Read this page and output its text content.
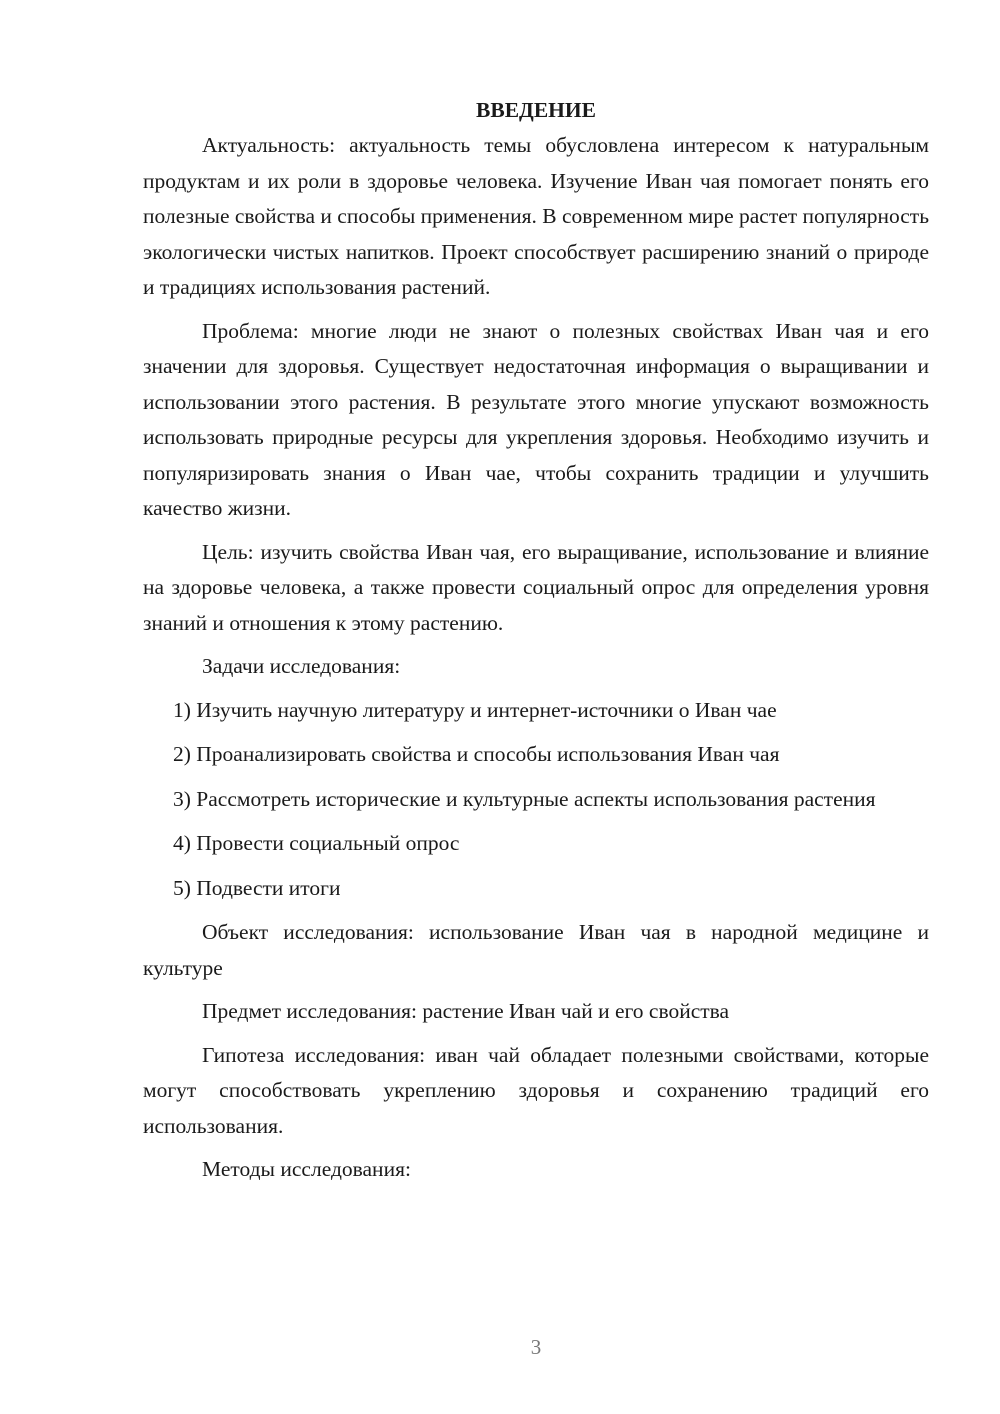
ВВЕДЕНИЕ

Актуальность: актуальность темы обусловлена интересом к натуральным продуктам и их роли в здоровье человека. Изучение Иван чая помогает понять его полезные свойства и способы применения. В современном мире растет популярность экологически чистых напитков. Проект способствует расширению знаний о природе и традициях использования растений.

Проблема: многие люди не знают о полезных свойствах Иван чая и его значении для здоровья. Существует недостаточная информация о выращивании и использовании этого растения. В результате этого многие упускают возможность использовать природные ресурсы для укрепления здоровья. Необходимо изучить и популяризировать знания о Иван чае, чтобы сохранить традиции и улучшить качество жизни.

Цель: изучить свойства Иван чая, его выращивание, использование и влияние на здоровье человека, а также провести социальный опрос для определения уровня знаний и отношения к этому растению.

Задачи исследования:

1) Изучить научную литературу и интернет-источники о Иван чае

2) Проанализировать свойства и способы использования Иван чая

3) Рассмотреть исторические и культурные аспекты использования растения

4) Провести социальный опрос

5) Подвести итоги

Объект исследования: использование Иван чая в народной медицине и культуре

Предмет исследования: растение Иван чай и его свойства

Гипотеза исследования: иван чай обладает полезными свойствами, которые могут способствовать укреплению здоровья и сохранению традиций его использования.

Методы исследования:

3
